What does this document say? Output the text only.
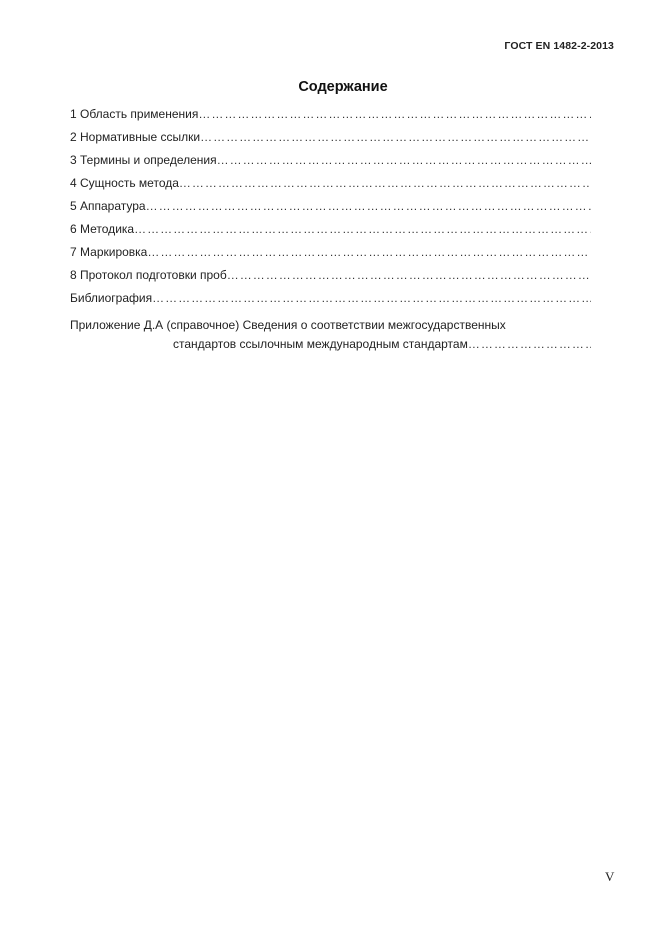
ГОСТ EN 1482-2-2013
Содержание
1 Область применения
……………………………………………………………………………………………………………………………………………………………
2 Нормативные ссылки
……………………………………………………………………………………………………………………………………………………………
3 Термины и определения
……………………………………………………………………………………………………………………………………………………………
4 Сущность метода
……………………………………………………………………………………………………………………………………………………………
5 Аппаратура
……………………………………………………………………………………………………………………………………………………………
6 Методика
……………………………………………………………………………………………………………………………………………………………
7 Маркировка
……………………………………………………………………………………………………………………………………………………………
8 Протокол подготовки проб
……………………………………………………………………………………………………………………………………………………………
Библиография
……………………………………………………………………………………………………………………………………………………………
Приложение Д.А (справочное) Сведения о соответствии межгосударственных
стандартов ссылочным международным стандартам
……………………………………………………………………………………………………………………………………………………………
V
